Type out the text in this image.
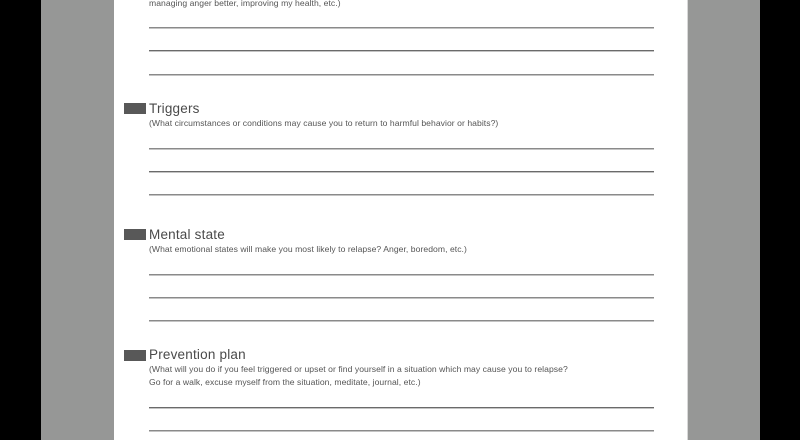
managing anger better, improving my health, etc.)
Triggers
(What circumstances or conditions may cause you to return to harmful behavior or habits?)
Mental state
(What emotional states will make you most likely to relapse? Anger, boredom, etc.)
Prevention plan
(What will you do if you feel triggered or upset or find yourself in a situation which may cause you to relapse?
Go for a walk, excuse myself from the situation, meditate, journal, etc.)
